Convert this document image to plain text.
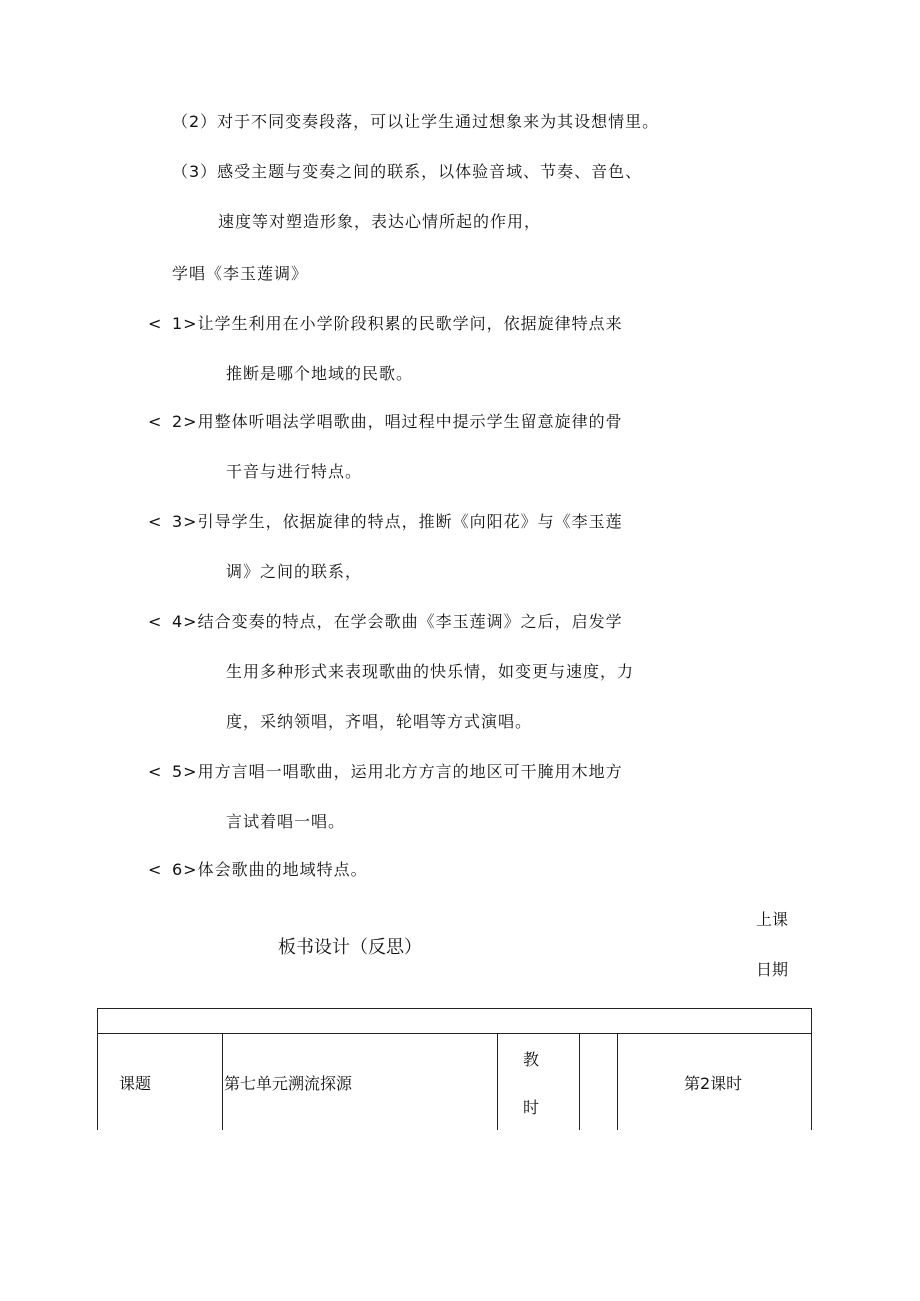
（2）对于不同变奏段落，可以让学生通过想象来为其设想情里。
（3）感受主题与变奏之间的联系，以体验音域、节奏、音色、
速度等对塑造形象，表达心情所起的作用，
学唱《李玉莲调》
< 1>让学生利用在小学阶段积累的民歌学问，依据旋律特点来
推断是哪个地域的民歌。
< 2>用整体听唱法学唱歌曲，唱过程中提示学生留意旋律的骨
干音与进行特点。
< 3>引导学生，依据旋律的特点，推断《向阳花》与《李玉莲
调》之间的联系，
< 4>结合变奏的特点，在学会歌曲《李玉莲调》之后，启发学
生用多种形式来表现歌曲的快乐情，如变更与速度，力
度，采纳领唱，齐唱，轮唱等方式演唱。
< 5>用方言唱一唱歌曲，运用北方方言的地区可干腌用木地方
言试着唱一唱。
< 6>体会歌曲的地域特点。
板书设计（反思）
上课
日期
课题	第七单元溯流探源
教
时
第2课时
